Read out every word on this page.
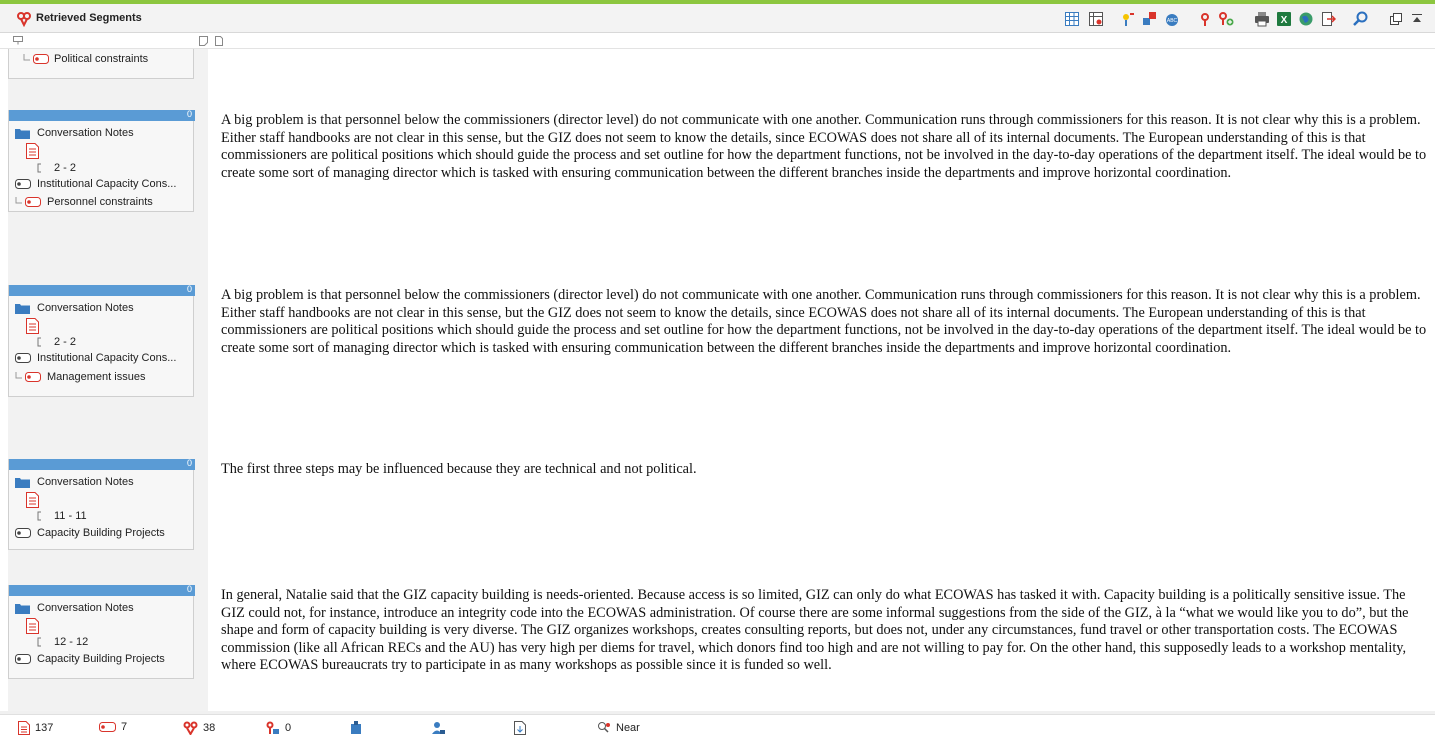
Retrieved Segments	ABC	X
Political constraints
0
Conversation Notes
2 - 2
Institutional Capacity Cons...
Personnel constraints
A big problem is that personnel below the commissioners (director level) do not communicate with one another. Communication runs through commissioners for this reason. It is not clear why this is a problem. Either staff handbooks are not clear in this sense, but the GIZ does not seem to know the details, since ECOWAS does not share all of its internal documents. The European understanding of this is that commissioners are political positions which should guide the process and set outline for how the department functions, not be involved in the day-to-day operations of the department itself. The ideal would be to create some sort of managing director which is tasked with ensuring communication between the different branches inside the departments and improve horizontal coordination.
0
Conversation Notes
2 - 2
Institutional Capacity Cons...
Management issues
A big problem is that personnel below the commissioners (director level) do not communicate with one another. Communication runs through commissioners for this reason. It is not clear why this is a problem. Either staff handbooks are not clear in this sense, but the GIZ does not seem to know the details, since ECOWAS does not share all of its internal documents. The European understanding of this is that commissioners are political positions which should guide the process and set outline for how the department functions, not be involved in the day-to-day operations of the department itself. The ideal would be to create some sort of managing director which is tasked with ensuring communication between the different branches inside the departments and improve horizontal coordination.
0
Conversation Notes
11 - 11
Capacity Building Projects
The first three steps may be influenced because they are technical and not political.
0
Conversation Notes
12 - 12
Capacity Building Projects
In general, Natalie said that the GIZ capacity building is needs-oriented. Because access is so limited, GIZ can only do what ECOWAS has tasked it with. Capacity building is a politically sensitive issue. The GIZ could not, for instance, introduce an integrity code into the ECOWAS administration. Of course there are some informal suggestions from the side of the GIZ, à la “what we would like you to do”, but the shape and form of capacity building is very diverse. The GIZ organizes workshops, creates consulting reports, but does not, under any circumstances, fund travel or other transportation costs. The ECOWAS commission (like all African RECs and the AU) has very high per diems for travel, which donors find too high and are not willing to pay for. On the other hand, this supposedly leads to a workshop mentality, where ECOWAS bureaucrats try to participate in as many workshops as possible since it is funded so well.
137	7	38	0	Near
